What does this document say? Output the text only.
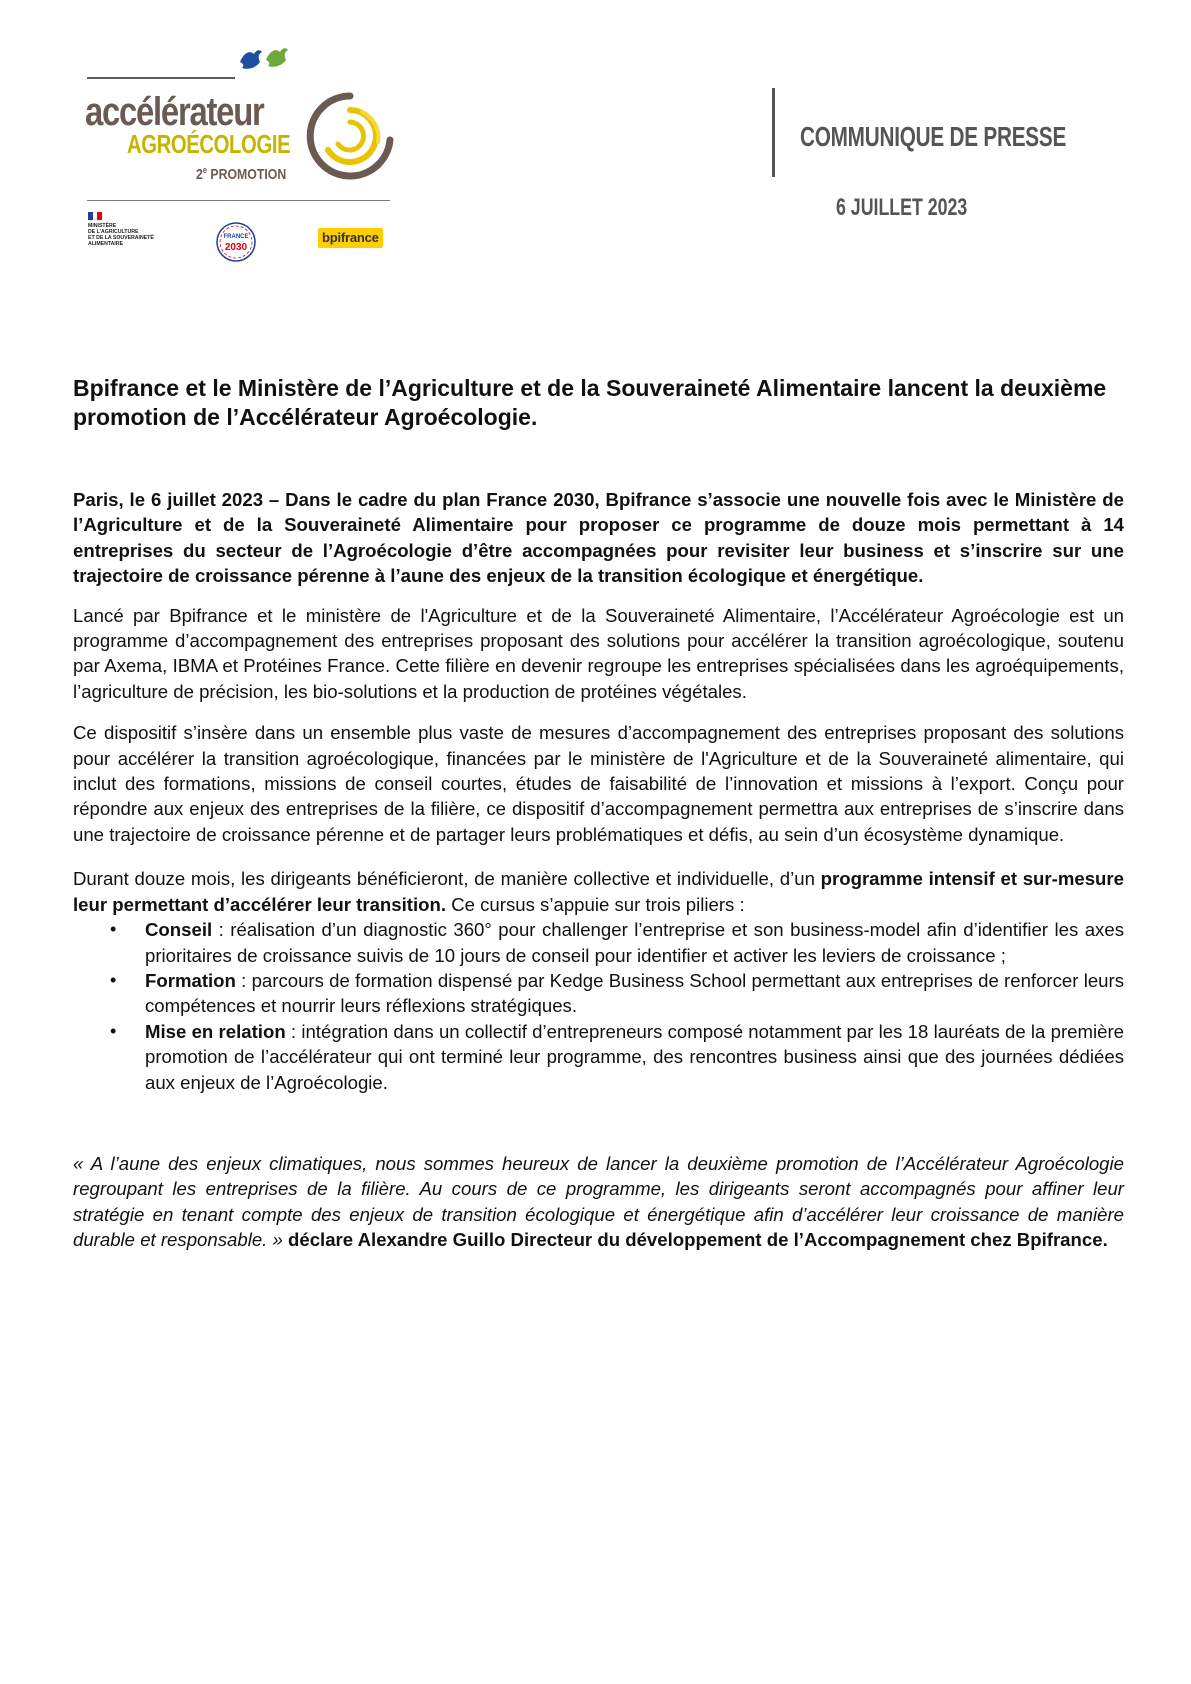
accélérateur
AGROÉCOLOGIE
2e PROMOTION
MINISTÈRE
DE L'AGRICULTURE
ET DE LA SOUVERAINETÉ
ALIMENTAIRE
FRANCE
2030
bpifrance
COMMUNIQUE DE PRESSE
6 JUILLET 2023

Bpifrance et le Ministère de l’Agriculture et de la Souveraineté Alimentaire lancent la deuxième promotion de l’Accélérateur Agroécologie.

Paris, le 6 juillet 2023 – Dans le cadre du plan France 2030, Bpifrance s’associe une nouvelle fois avec le Ministère de l’Agriculture et de la Souveraineté Alimentaire pour proposer ce programme de douze mois permettant à 14 entreprises du secteur de l’Agroécologie d’être accompagnées pour revisiter leur business et s’inscrire sur une trajectoire de croissance pérenne à l’aune des enjeux de la transition écologique et énergétique.

Lancé par Bpifrance et le ministère de l'Agriculture et de la Souveraineté Alimentaire, l’Accélérateur Agroécologie est un programme d’accompagnement des entreprises proposant des solutions pour accélérer la transition agroécologique, soutenu par Axema, IBMA et Protéines France. Cette filière en devenir regroupe les entreprises spécialisées dans les agroéquipements, l’agriculture de précision, les bio-solutions et la production de protéines végétales.

Ce dispositif s’insère dans un ensemble plus vaste de mesures d’accompagnement des entreprises proposant des solutions pour accélérer la transition agroécologique, financées par le ministère de l'Agriculture et de la Souveraineté alimentaire, qui inclut des formations, missions de conseil courtes, études de faisabilité de l’innovation et missions à l’export. Conçu pour répondre aux enjeux des entreprises de la filière, ce dispositif d’accompagnement permettra aux entreprises de s’inscrire dans une trajectoire de croissance pérenne et de partager leurs problématiques et défis, au sein d’un écosystème dynamique.

Durant douze mois, les dirigeants bénéficieront, de manière collective et individuelle, d’un programme intensif et sur-mesure leur permettant d’accélérer leur transition. Ce cursus s’appuie sur trois piliers :

• Conseil : réalisation d’un diagnostic 360° pour challenger l’entreprise et son business-model afin d’identifier les axes prioritaires de croissance suivis de 10 jours de conseil pour identifier et activer les leviers de croissance ;
• Formation : parcours de formation dispensé par Kedge Business School permettant aux entreprises de renforcer leurs compétences et nourrir leurs réflexions stratégiques.
• Mise en relation : intégration dans un collectif d’entrepreneurs composé notamment par les 18 lauréats de la première promotion de l’accélérateur qui ont terminé leur programme, des rencontres business ainsi que des journées dédiées aux enjeux de l’Agroécologie.

« A l’aune des enjeux climatiques, nous sommes heureux de lancer la deuxième promotion de l’Accélérateur Agroécologie regroupant les entreprises de la filière. Au cours de ce programme, les dirigeants seront accompagnés pour affiner leur stratégie en tenant compte des enjeux de transition écologique et énergétique afin d’accélérer leur croissance de manière durable et responsable. » déclare Alexandre Guillo Directeur du développement de l’Accompagnement chez Bpifrance.
